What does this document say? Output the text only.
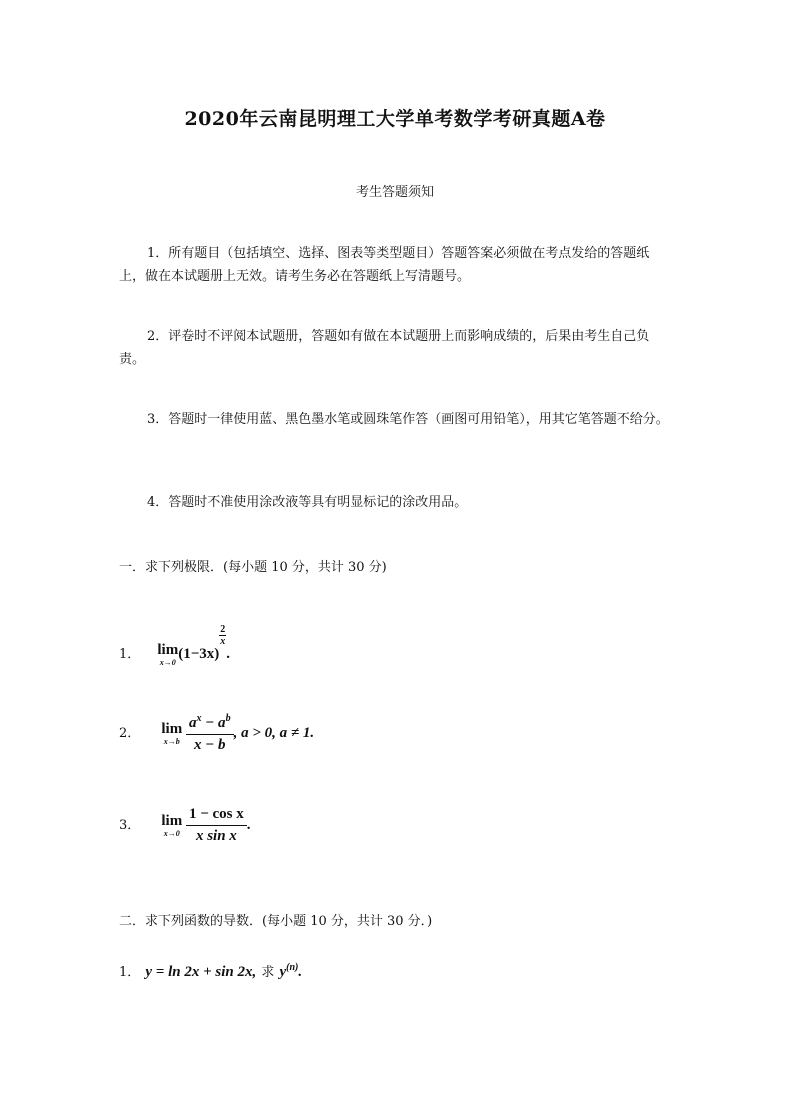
2020年云南昆明理工大学单考数学考研真题A卷
考生答题须知
1．所有题目（包括填空、选择、图表等类型题目）答题答案必须做在考点发给的答题纸上，做在本试题册上无效。请考生务必在答题纸上写清题号。
2．评卷时不评阅本试题册，答题如有做在本试题册上而影响成绩的，后果由考生自己负责。
3．答题时一律使用蓝、黑色墨水笔或圆珠笔作答（画图可用铅笔），用其它笔答题不给分。
4．答题时不准使用涂改液等具有明显标记的涂改用品。
一．求下列极限．(每小题 10 分，共计 30 分)
1． lim
x→0
(1−3x)
$\frac{2}{x}$
.
2． lim
x→b
$\frac{a^x - a^b}{x - b}$ , a > 0, a ≠ 1.
3． lim
x→0
$\frac{\text{1 − cos x}}{\text{x sin x}}$ .
二．求下列函数的导数．(每小题 10 分，共计 30 分．)
1． y = ln 2x + sin 2x, 求 $y^{(n)}$.
